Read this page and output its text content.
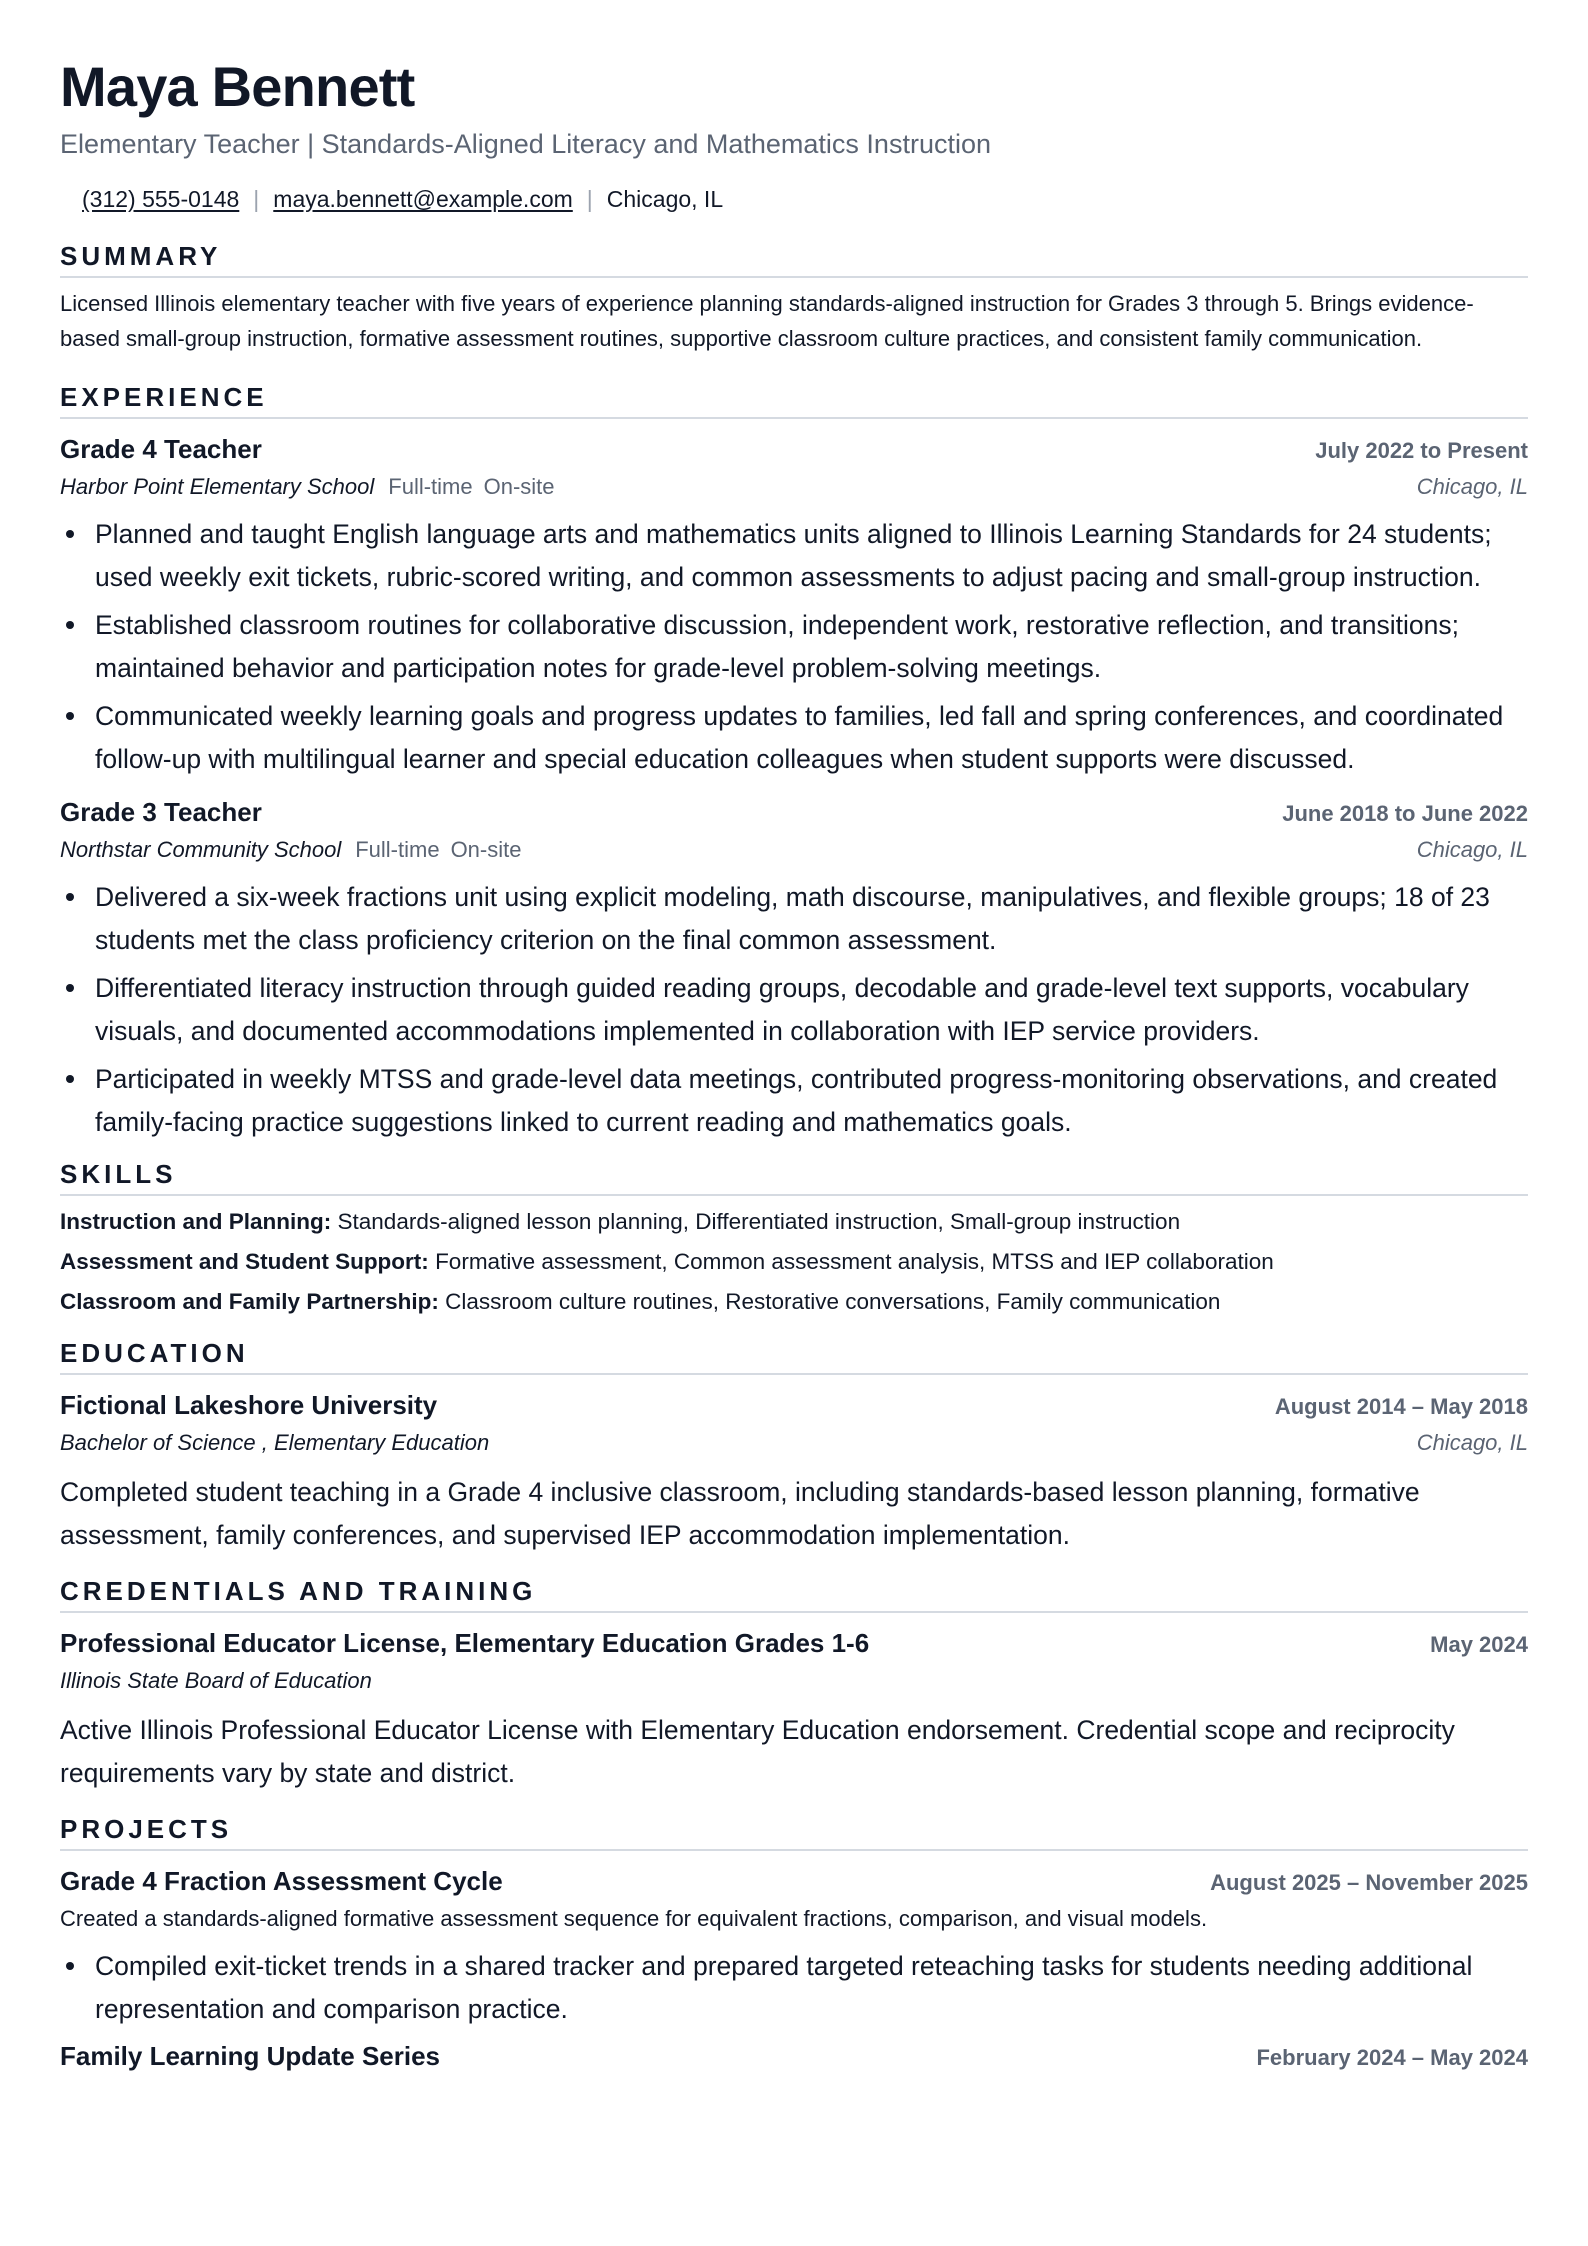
Maya Bennett
Elementary Teacher | Standards-Aligned Literacy and Mathematics Instruction
(312) 555-0148 | maya.bennett@example.com | Chicago, IL
SUMMARY

Licensed Illinois elementary teacher with five years of experience planning standards-aligned instruction for Grades 3 through 5. Brings evidence-based small-group instruction, formative assessment routines, supportive classroom culture practices, and consistent family communication.

EXPERIENCE
Grade 4 Teacher	July 2022 to Present
Harbor Point Elementary School Full-time On-site	Chicago, IL
Planned and taught English language arts and mathematics units aligned to Illinois Learning Standards for 24 students; used weekly exit tickets, rubric-scored writing, and common assessments to adjust pacing and small-group instruction.
Established classroom routines for collaborative discussion, independent work, restorative reflection, and transitions; maintained behavior and participation notes for grade-level problem-solving meetings.
Communicated weekly learning goals and progress updates to families, led fall and spring conferences, and coordinated follow-up with multilingual learner and special education colleagues when student supports were discussed.
Grade 3 Teacher	June 2018 to June 2022
Northstar Community School Full-time On-site	Chicago, IL
Delivered a six-week fractions unit using explicit modeling, math discourse, manipulatives, and flexible groups; 18 of 23 students met the class proficiency criterion on the final common assessment.
Differentiated literacy instruction through guided reading groups, decodable and grade-level text supports, vocabulary visuals, and documented accommodations implemented in collaboration with IEP service providers.
Participated in weekly MTSS and grade-level data meetings, contributed progress-monitoring observations, and created family-facing practice suggestions linked to current reading and mathematics goals.
SKILLS
Instruction and Planning: Standards-aligned lesson planning, Differentiated instruction, Small-group instruction
Assessment and Student Support: Formative assessment, Common assessment analysis, MTSS and IEP collaboration
Classroom and Family Partnership: Classroom culture routines, Restorative conversations, Family communication
EDUCATION
Fictional Lakeshore University	August 2014 – May 2018
Bachelor of Science , Elementary Education	Chicago, IL

Completed student teaching in a Grade 4 inclusive classroom, including standards-based lesson planning, formative assessment, family conferences, and supervised IEP accommodation implementation.

CREDENTIALS AND TRAINING
Professional Educator License, Elementary Education Grades 1-6	May 2024
Illinois State Board of Education

Active Illinois Professional Educator License with Elementary Education endorsement. Credential scope and reciprocity requirements vary by state and district.

PROJECTS
Grade 4 Fraction Assessment Cycle	August 2025 – November 2025

Created a standards-aligned formative assessment sequence for equivalent fractions, comparison, and visual models.

Compiled exit-ticket trends in a shared tracker and prepared targeted reteaching tasks for students needing additional representation and comparison practice.
Family Learning Update Series	February 2024 – May 2024
